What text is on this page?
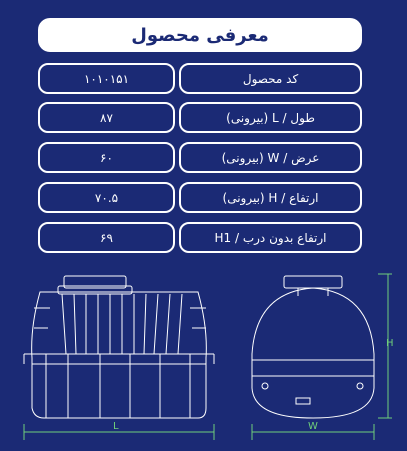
معرفی محصول
۱۰۱۰۱۵۱	کد محصول
۸۷	طول / L (بیرونی)
۶۰	عرض / W (بیرونی)
۷۰.۵	ارتفاع / H (بیرونی)
۶۹	ارتفاع بدون درب / H1
L
H
W
